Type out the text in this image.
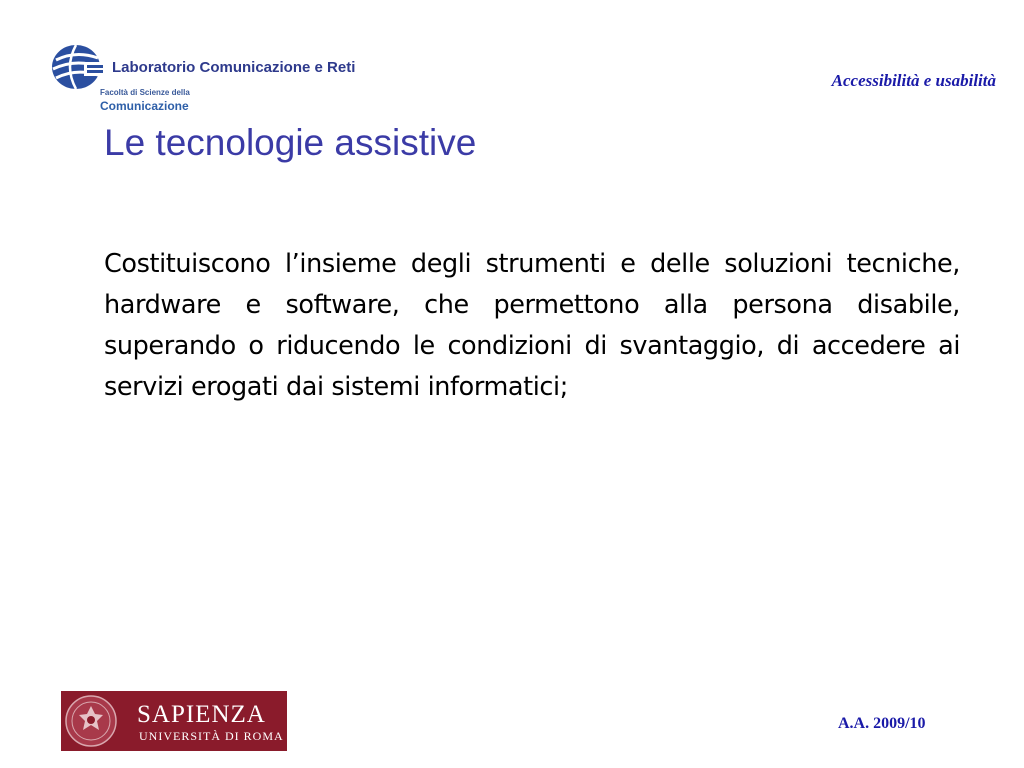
Laboratorio Comunicazione e Reti
Facoltà di Scienze della
Comunicazione
Accessibilità e usabilità
Le tecnologie assistive

Costituiscono l’insieme degli strumenti e delle soluzioni tecniche, hardware e software, che permettono alla persona disabile, superando o riducendo le condizioni di svantaggio, di accedere ai servizi erogati dai sistemi informatici;

SAPIENZA
UNIVERSITÀ DI ROMA
A.A. 2009/10
